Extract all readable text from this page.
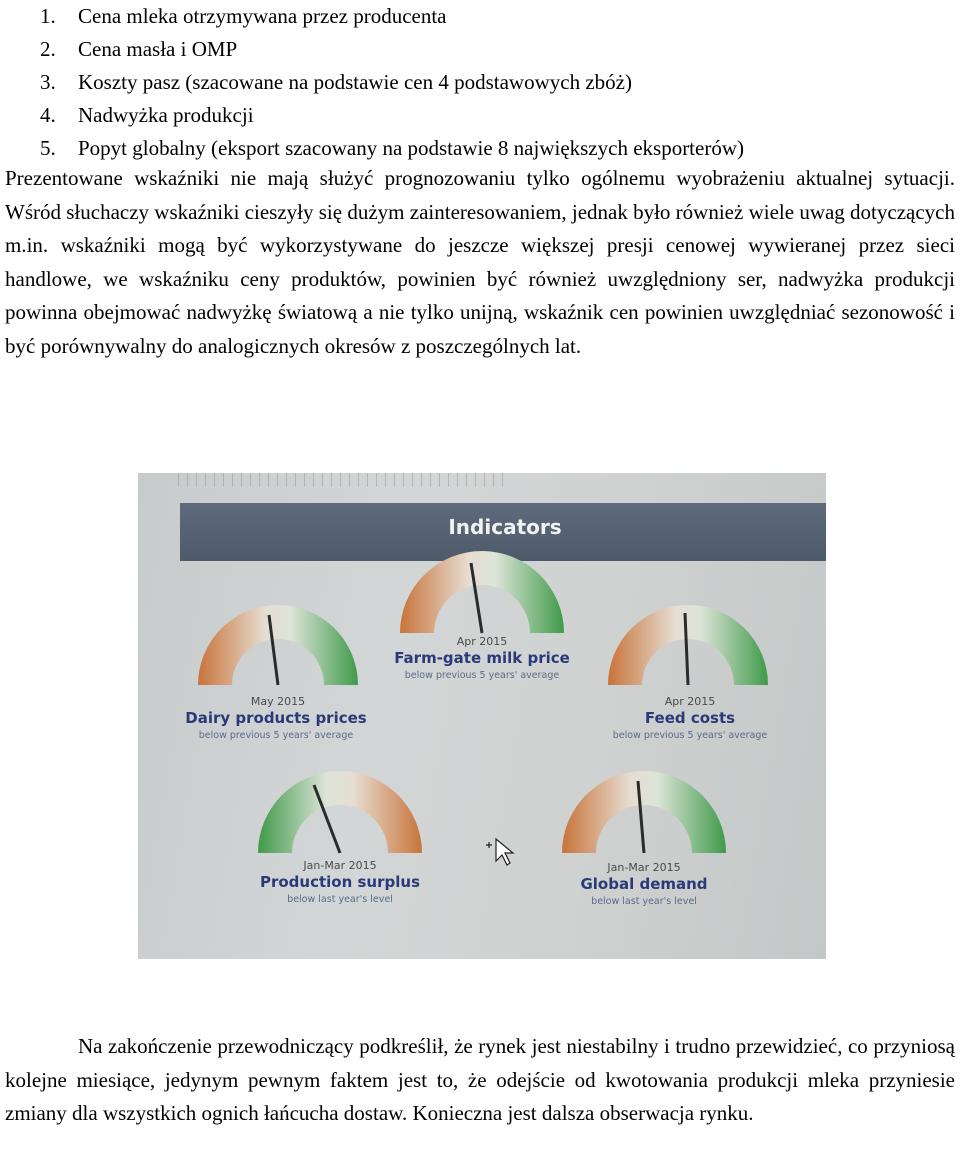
1. Cena mleka otrzymywana przez producenta
2. Cena masła i OMP
3. Koszty pasz (szacowane na podstawie cen 4 podstawowych zbóż)
4. Nadwyżka produkcji
5. Popyt globalny (eksport szacowany na podstawie 8 największych eksporterów)

Prezentowane wskaźniki nie mają służyć prognozowaniu tylko ogólnemu wyobrażeniu aktualnej sytuacji. Wśród słuchaczy wskaźniki cieszyły się dużym zainteresowaniem, jednak było również wiele uwag dotyczących m.in. wskaźniki mogą być wykorzystywane do jeszcze większej presji cenowej wywieranej przez sieci handlowe, we wskaźniku ceny produktów, powinien być również uwzględniony ser, nadwyżka produkcji powinna obejmować nadwyżkę światową a nie tylko unijną, wskaźnik cen powinien uwzględniać sezonowość i być porównywalny do analogicznych okresów z poszczególnych lat.

Indicators
Apr 2015
Farm-gate milk price
below previous 5 years' average
May 2015
Dairy products prices
below previous 5 years' average
Apr 2015
Feed costs
below previous 5 years' average
Jan-Mar 2015
Production surplus
below last year's level
Jan-Mar 2015
Global demand
below last year's level

Na zakończenie przewodniczący podkreślił, że rynek jest niestabilny i trudno przewidzieć, co przyniosą kolejne miesiące, jedynym pewnym faktem jest to, że odejście od kwotowania produkcji mleka przyniesie zmiany dla wszystkich ognich łańcucha dostaw. Konieczna jest dalsza obserwacja rynku.
